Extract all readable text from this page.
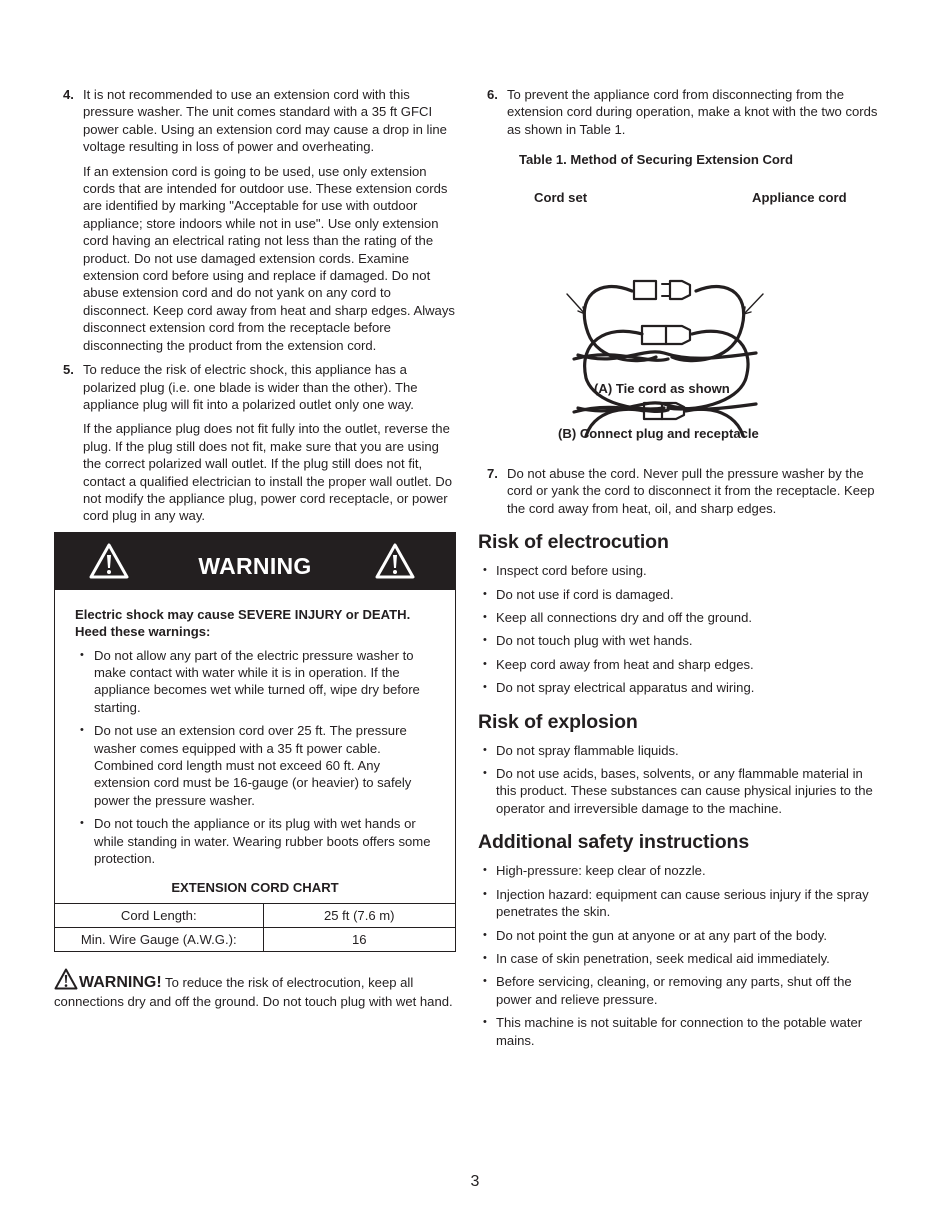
4. It is not recommended to use an extension cord with this pressure washer. The unit comes standard with a 35 ft GFCI power cable. Using an extension cord may cause a drop in line voltage resulting in loss of power and overheating.

If an extension cord is going to be used, use only extension cords that are intended for outdoor use. These extension cords are identified by marking "Acceptable for use with outdoor appliance; store indoors while not in use". Use only extension cord having an electrical rating not less than the rating of the product. Do not use damaged extension cords. Examine extension cord before using and replace if damaged. Do not abuse extension cord and do not yank on any cord to disconnect. Keep cord away from heat and sharp edges. Always disconnect extension cord from the receptacle before disconnecting the product from the extension cord.

5. To reduce the risk of electric shock, this appliance has a polarized plug (i.e. one blade is wider than the other). The appliance plug will fit into a polarized outlet only one way.

If the appliance plug does not fit fully into the outlet, reverse the plug. If the plug still does not fit, make sure that you are using the correct polarized wall outlet. If the plug still does not fit, contact a qualified electrician to install the proper wall outlet. Do not modify the appliance plug, power cord receptacle, or power cord plug in any way.

WARNING
Electric shock may cause SEVERE INJURY or DEATH. Heed these warnings:
• Do not allow any part of the electric pressure washer to make contact with water while it is in operation. If the appliance becomes wet while turned off, wipe dry before starting.
• Do not use an extension cord over 25 ft. The pressure washer comes equipped with a 35 ft power cable. Combined cord length must not exceed 60 ft. Any extension cord must be 16-gauge (or heavier) to safely power the pressure washer.
• Do not touch the appliance or its plug with wet hands or while standing in water. Wearing rubber boots offers some protection.
EXTENSION CORD CHART
Cord Length:	25 ft (7.6 m)
Min. Wire Gauge (A.W.G.):	16
WARNING! To reduce the risk of electrocution, keep all connections dry and off the ground. Do not touch plug with wet hand.
6. To prevent the appliance cord from disconnecting from the extension cord during operation, make a knot with the two cords as shown in Table 1.

Table 1. Method of Securing Extension Cord
Cord set	Appliance cord
(A) Tie cord as shown
(B) Connect plug and receptacle
7. Do not abuse the cord. Never pull the pressure washer by the cord or yank the cord to disconnect it from the receptacle. Keep the cord away from heat, oil, and sharp edges.

Risk of electrocution
• Inspect cord before using.
• Do not use if cord is damaged.
• Keep all connections dry and off the ground.
• Do not touch plug with wet hands.
• Keep cord away from heat and sharp edges.
• Do not spray electrical apparatus and wiring.
Risk of explosion
• Do not spray flammable liquids.
• Do not use acids, bases, solvents, or any flammable material in this product. These substances can cause physical injuries to the operator and irreversible damage to the machine.
Additional safety instructions
• High-pressure: keep clear of nozzle.
• Injection hazard: equipment can cause serious injury if the spray penetrates the skin.
• Do not point the gun at anyone or at any part of the body.
• In case of skin penetration, seek medical aid immediately.
• Before servicing, cleaning, or removing any parts, shut off the power and relieve pressure.
• This machine is not suitable for connection to the potable water mains.
3
